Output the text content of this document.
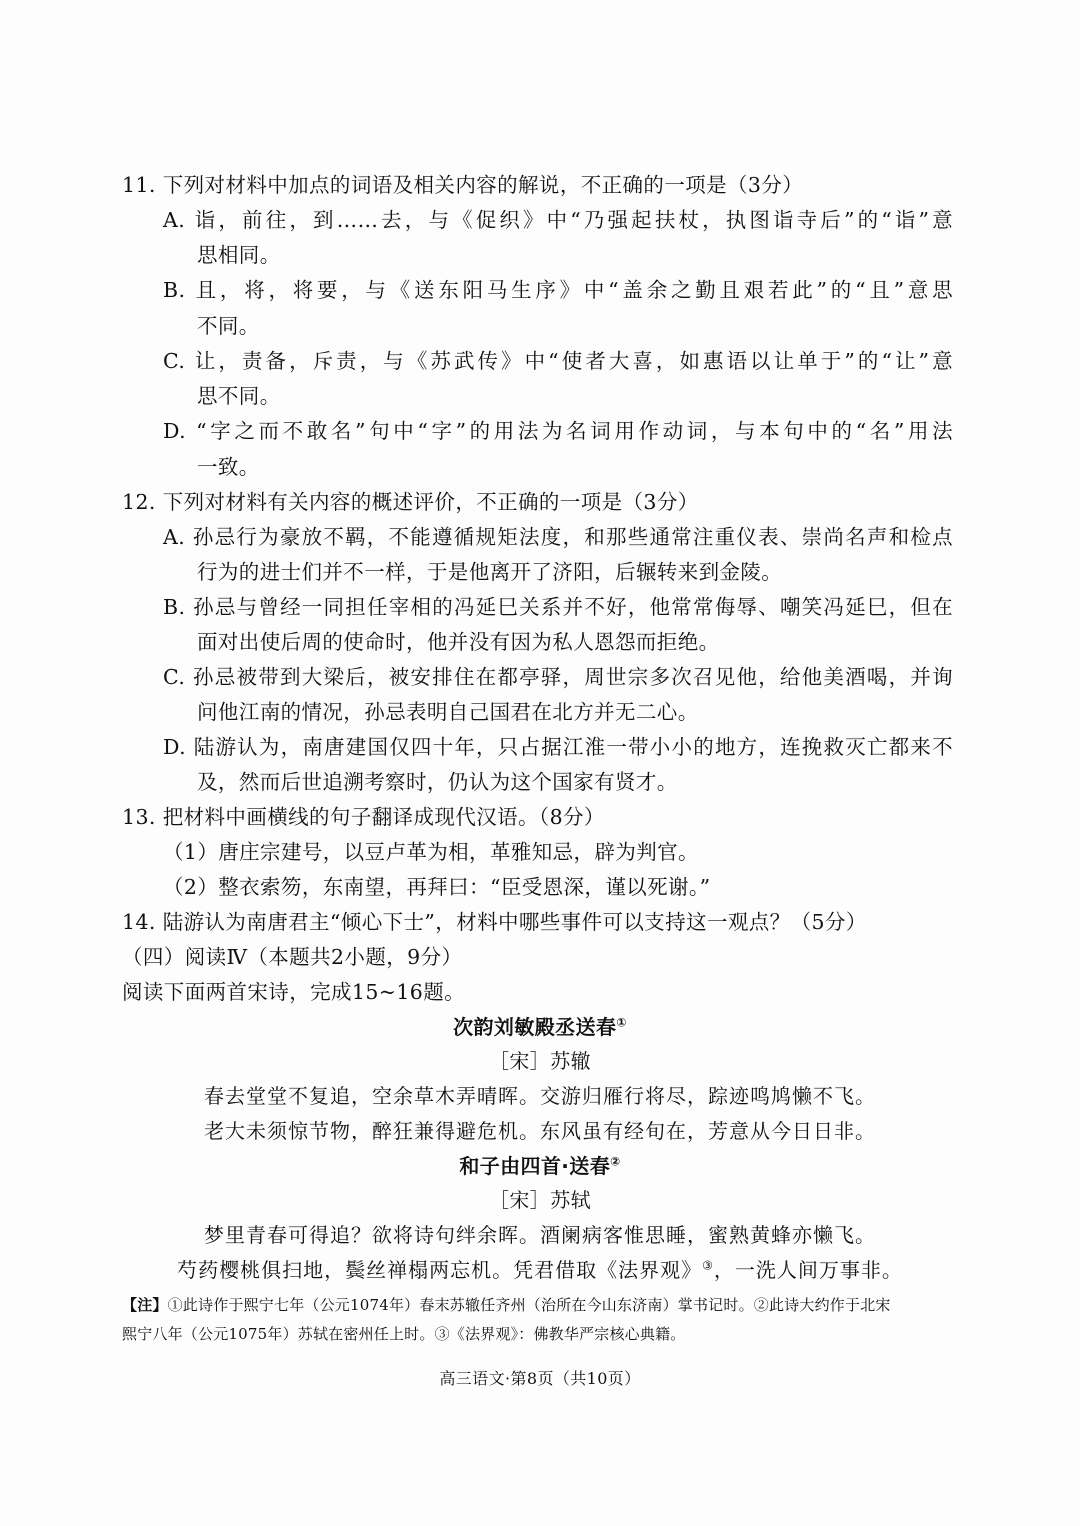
11. 下列对材料中加点的词语及相关内容的解说，不正确的一项是（3分）
A. 诣，前往，到……去，与《促织》中“乃强起扶杖，执图诣寺后”的“诣”意
思相同。
B. 且，将，将要，与《送东阳马生序》中“盖余之勤且艰若此”的“且”意思
不同。
C. 让，责备，斥责，与《苏武传》中“使者大喜，如惠语以让单于”的“让”意
思不同。
D. “字之而不敢名”句中“字”的用法为名词用作动词，与本句中的“名”用法
一致。
12. 下列对材料有关内容的概述评价，不正确的一项是（3分）
A. 孙忌行为豪放不羁，不能遵循规矩法度，和那些通常注重仪表、崇尚名声和检点
行为的进士们并不一样，于是他离开了济阳，后辗转来到金陵。
B. 孙忌与曾经一同担任宰相的冯延巳关系并不好，他常常侮辱、嘲笑冯延巳，但在
面对出使后周的使命时，他并没有因为私人恩怨而拒绝。
C. 孙忌被带到大梁后，被安排住在都亭驿，周世宗多次召见他，给他美酒喝，并询
问他江南的情况，孙忌表明自己国君在北方并无二心。
D. 陆游认为，南唐建国仅四十年，只占据江淮一带小小的地方，连挽救灭亡都来不
及，然而后世追溯考察时，仍认为这个国家有贤才。
13. 把材料中画横线的句子翻译成现代汉语。（8分）
（1）唐庄宗建号，以豆卢革为相，革雅知忌，辟为判官。
（2）整衣索笏，东南望，再拜曰：“臣受恩深，谨以死谢。”
14. 陆游认为南唐君主“倾心下士”，材料中哪些事件可以支持这一观点？（5分）
（四）阅读Ⅳ（本题共2小题，9分）
阅读下面两首宋诗，完成15~16题。
次韵刘敏殿丞送春①
［宋］苏辙
春去堂堂不复追，空余草木弄晴晖。交游归雁行将尽，踪迹鸣鸠懒不飞。
老大未须惊节物，醉狂兼得避危机。东风虽有经旬在，芳意从今日日非。
和子由四首·送春②
［宋］苏轼
梦里青春可得追？欲将诗句绊余晖。酒阑病客惟思睡，蜜熟黄蜂亦懒飞。
芍药樱桃俱扫地，鬓丝禅榻两忘机。凭君借取《法界观》③，一洗人间万事非。
【注】①此诗作于熙宁七年（公元1074年）春末苏辙任齐州（治所在今山东济南）掌书记时。②此诗大约作于北宋
熙宁八年（公元1075年）苏轼在密州任上时。③《法界观》：佛教华严宗核心典籍。
高三语文·第8页（共10页）
